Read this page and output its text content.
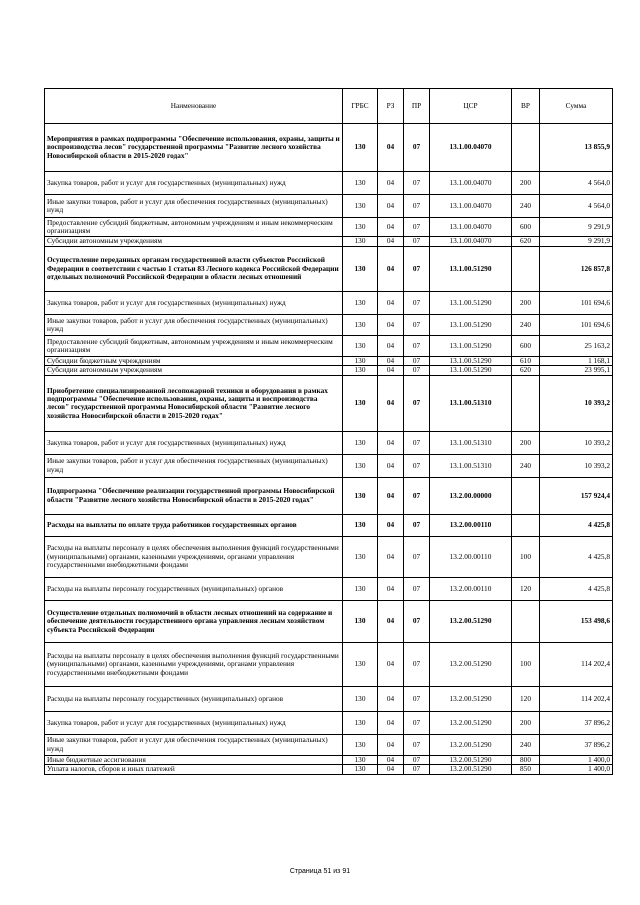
Наименование	ГРБС	РЗ	ПР	ЦСР	ВР	Сумма
Мероприятия в рамках подпрограммы "Обеспечение использования, охраны, защиты и воспроизводства лесов" государственной программы "Развитие лесного хозяйства Новосибирской области в 2015-2020 годах"	130	04	07	13.1.00.04070		13 855,9
Закупка товаров, работ и услуг для государственных (муниципальных) нужд	130	04	07	13.1.00.04070	200	4 564,0
Иные закупки товаров, работ и услуг для обеспечения государственных (муниципальных) нужд	130	04	07	13.1.00.04070	240	4 564,0
Предоставление субсидий бюджетным, автономным учреждениям и иным некоммерческим организациям	130	04	07	13.1.00.04070	600	9 291,9
Субсидии автономным учреждениям	130	04	07	13.1.00.04070	620	9 291,9
Осуществление переданных органам государственной власти субъектов Российской Федерации в соответствии с частью 1 статьи 83 Лесного кодекса Российской Федерации отдельных полномочий Российской Федерации в области лесных отношений	130	04	07	13.1.00.51290		126 857,8
Закупка товаров, работ и услуг для государственных (муниципальных) нужд	130	04	07	13.1.00.51290	200	101 694,6
Иные закупки товаров, работ и услуг для обеспечения государственных (муниципальных) нужд	130	04	07	13.1.00.51290	240	101 694,6
Предоставление субсидий бюджетным, автономным учреждениям и иным некоммерческим организациям	130	04	07	13.1.00.51290	600	25 163,2
Субсидии бюджетным учреждениям	130	04	07	13.1.00.51290	610	1 168,1
Субсидии автономным учреждениям	130	04	07	13.1.00.51290	620	23 995,1
Приобретение специализированной лесопожарной техники и оборудования в рамках подпрограммы "Обеспечение использования, охраны, защиты и воспроизводства лесов" государственной программы Новосибирской области "Развитие лесного хозяйства Новосибирской области в 2015-2020 годах"	130	04	07	13.1.00.51310		10 393,2
Закупка товаров, работ и услуг для государственных (муниципальных) нужд	130	04	07	13.1.00.51310	200	10 393,2
Иные закупки товаров, работ и услуг для обеспечения государственных (муниципальных) нужд	130	04	07	13.1.00.51310	240	10 393,2
Подпрограмма "Обеспечение реализации государственной программы Новосибирской области "Развитие лесного хозяйства Новосибирской области в 2015-2020 годах"	130	04	07	13.2.00.00000		157 924,4
Расходы на выплаты по оплате труда работников государственных органов	130	04	07	13.2.00.00110		4 425,8
Расходы на выплаты персоналу в целях обеспечения выполнения функций государственными (муниципальными) органами, казенными учреждениями, органами управления государственными внебюджетными фондами	130	04	07	13.2.00.00110	100	4 425,8
Расходы на выплаты персоналу государственных (муниципальных) органов	130	04	07	13.2.00.00110	120	4 425,8
Осуществление отдельных полномочий в области лесных отношений на содержание и обеспечение деятельности государственного органа управления лесным хозяйством субъекта Российской Федерации	130	04	07	13.2.00.51290		153 498,6
Расходы на выплаты персоналу в целях обеспечения выполнения функций государственными (муниципальными) органами, казенными учреждениями, органами управления государственными внебюджетными фондами	130	04	07	13.2.00.51290	100	114 202,4
Расходы на выплаты персоналу государственных (муниципальных) органов	130	04	07	13.2.00.51290	120	114 202,4
Закупка товаров, работ и услуг для государственных (муниципальных) нужд	130	04	07	13.2.00.51290	200	37 896,2
Иные закупки товаров, работ и услуг для обеспечения государственных (муниципальных) нужд	130	04	07	13.2.00.51290	240	37 896,2
Иные бюджетные ассигнования	130	04	07	13.2.00.51290	800	1 400,0
Уплата налогов, сборов и иных платежей	130	04	07	13.2.00.51290	850	1 400,0
Страница 51 из 91
